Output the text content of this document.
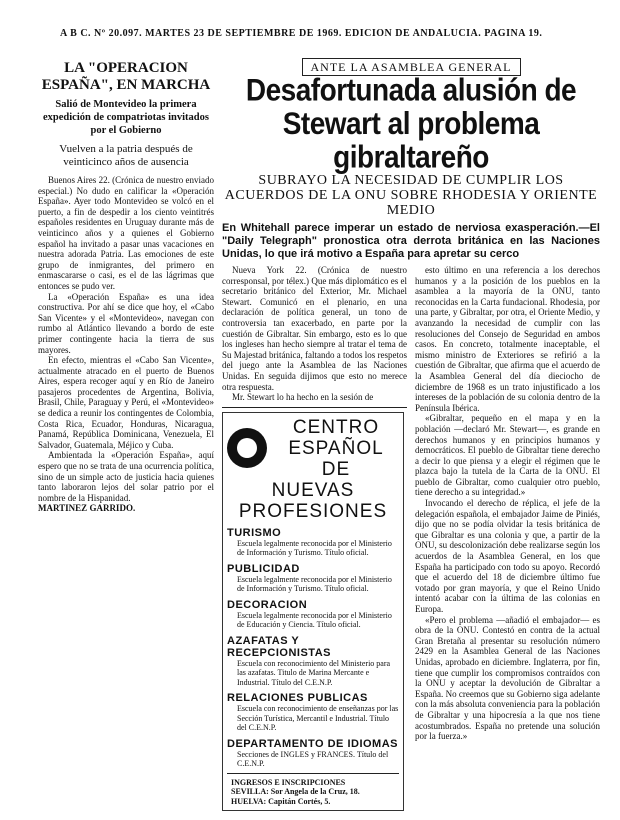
A B C. Nº 20.097. MARTES 23 DE SEPTIEMBRE DE 1969. EDICION DE ANDALUCIA. PAGINA 19.
LA "OPERACION ESPAÑA", EN MARCHA
Salió de Montevideo la primera expedición de compatriotas invitados por el Gobierno
Vuelven a la patria después de veinticinco años de ausencia

Buenos Aires 22. (Crónica de nuestro enviado especial.) No dudo en calificar la «Operación España». Ayer todo Montevideo se volcó en el puerto, a fin de despedir a los ciento veintitrés españoles residentes en Uruguay durante más de veinticinco años y a quienes el Gobierno español ha invitado a pasar unas vacaciones en nuestra adorada Patria. Las emociones de este grupo de inmigrantes, del primero en enmascararse o casi, es el de las lágrimas que entonces se pudo ver.

La «Operación España» es una idea constructiva. Por ahí se dice que hoy, el «Cabo San Vicente» y el «Montevideo», navegan con rumbo al Atlántico llevando a bordo de este primer contingente hacia la tierra de sus mayores.

En efecto, mientras el «Cabo San Vicente», actualmente atracado en el puerto de Buenos Aires, espera recoger aquí y en Río de Janeiro pasajeros procedentes de Argentina, Bolivia, Brasil, Chile, Paraguay y Perú, el «Montevideo» se dedica a reunir los contingentes de Colombia, Costa Rica, Ecuador, Honduras, Nicaragua, Panamá, República Dominicana, Venezuela, El Salvador, Guatemala, Méjico y Cuba.

Ambientada la «Operación España», aquí espero que no se trata de una ocurrencia política, sino de un simple acto de justicia hacia quienes tanto laboraron lejos del solar patrio por el nombre de la Hispanidad.

MARTINEZ GARRIDO.
ANTE LA ASAMBLEA GENERAL
Desafortunada alusión de Stewart al problema gibraltareño
SUBRAYO LA NECESIDAD DE CUMPLIR LOS ACUERDOS DE LA ONU SOBRE RHODESIA Y ORIENTE MEDIO
En Whitehall parece imperar un estado de nerviosa exasperación.—El "Daily Telegraph" pronostica otra derrota británica en las Naciones Unidas, lo que irá motivo a España para apretar su cerco

Nueva York 22. (Crónica de nuestro corresponsal, por télex.) Que más diplomático es el secretario británico del Exterior, Mr. Michael Stewart. Comunicó en el plenario, en una declaración de política general, un tono de controversia tan exacerbado, en parte por la cuestión de Gibraltar. Sin embargo, esto es lo que los ingleses han hecho siempre al tratar el tema de Su Majestad británica, faltando a todos los respetos del juego ante la Asamblea de las Naciones Unidas. En seguida dijimos que esto no merece otra respuesta.

Mr. Stewart lo ha hecho en la sesión de

CENTRO
ESPAÑOL DE
NUEVAS PROFESIONES
TURISMO
Escuela legalmente reconocida por el Ministerio de Información y Turismo. Título oficial.
PUBLICIDAD
Escuela legalmente reconocida por el Ministerio de Información y Turismo. Título oficial.
DECORACION
Escuela legalmente reconocida por el Ministerio de Educación y Ciencia. Título oficial.
AZAFATAS Y RECEPCIONISTAS
Escuela con reconocimiento del Ministerio para las azafatas. Titulo de Marina Mercante e Industrial. Título del C.E.N.P.
RELACIONES PUBLICAS
Escuela con reconocimiento de enseñanzas por las Sección Turística, Mercantil e Industrial. Título del C.E.N.P.
DEPARTAMENTO DE IDIOMAS
Secciones de INGLES y FRANCES. Título del C.E.N.P.
INGRESOS E INSCRIPCIONES
SEVILLA: Sor Angela de la Cruz, 18.
HUELVA: Capitán Cortés, 5.

esto último en una referencia a los derechos humanos y a la posición de los pueblos en la asamblea a la mayoría de la ONU, tanto reconocidas en la Carta fundacional. Rhodesia, por una parte, y Gibraltar, por otra, el Oriente Medio, y avanzando la necesidad de cumplir con las resoluciones del Consejo de Seguridad en ambos casos. En concreto, totalmente inaceptable, el mismo ministro de Exteriores se refirió a la cuestión de Gibraltar, que afirma que el acuerdo de la Asamblea General del día dieciocho de diciembre de 1968 es un trato injustificado a los intereses de la población de su colonia dentro de la Península Ibérica.

«Gibraltar, pequeño en el mapa y en la población —declaró Mr. Stewart—, es grande en derechos humanos y en principios humanos y democráticos. El pueblo de Gibraltar tiene derecho a decir lo que piensa y a elegir el régimen que le plazca bajo la tutela de la Carta de la ONU. El pueblo de Gibraltar, como cualquier otro pueblo, tiene derecho a su integridad.»

Invocando el derecho de réplica, el jefe de la delegación española, el embajador Jaime de Piniés, dijo que no se podía olvidar la tesis británica de que Gibraltar es una colonia y que, a partir de la ONU, su descolonización debe realizarse según los acuerdos de la Asamblea General, en los que España ha participado con todo su apoyo. Recordó que el acuerdo del 18 de diciembre último fue votado por gran mayoría, y que el Reino Unido intentó acabar con la última de las colonias en Europa.

«Pero el problema —añadió el embajador— es obra de la ONU. Contestó en contra de la actual Gran Bretaña al presentar su resolución número 2429 en la Asamblea General de las Naciones Unidas, aprobado en diciembre. Inglaterra, por fin, tiene que cumplir los compromisos contraídos con la ONU y aceptar la devolución de Gibraltar a España. No creemos que su Gobierno siga adelante con la más absoluta conveniencia para la población de Gibraltar y una hipocresía a la que nos tiene acostumbrados. España no pretende una solución por la fuerza.»
